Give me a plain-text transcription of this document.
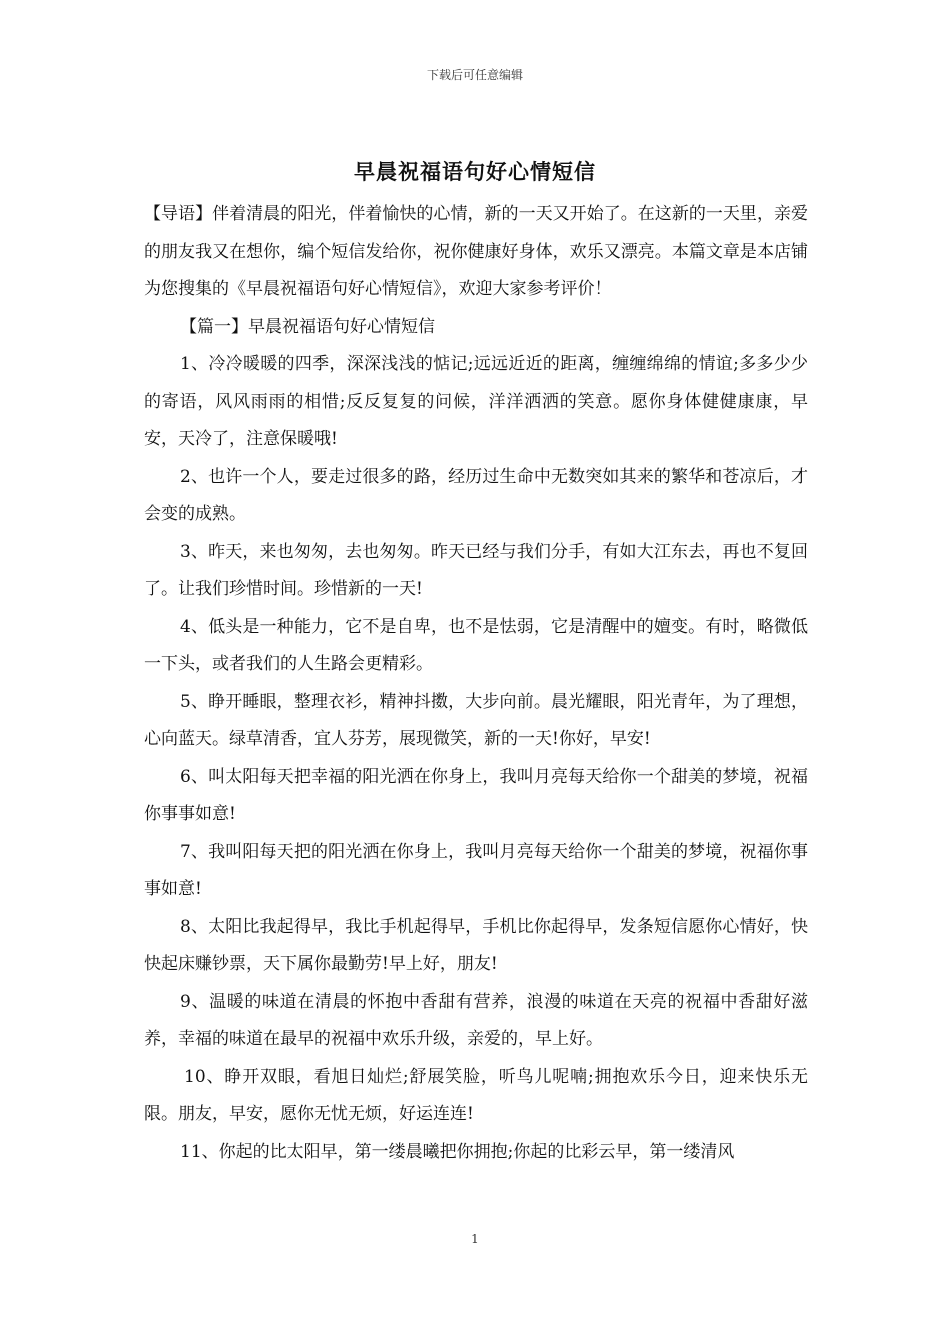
下载后可任意编辑
早晨祝福语句好心情短信

【导语】伴着清晨的阳光，伴着愉快的心情，新的一天又开始了。在这新的一天里，亲爱的朋友我又在想你，编个短信发给你，祝你健康好身体，欢乐又漂亮。本篇文章是本店铺为您搜集的《早晨祝福语句好心情短信》，欢迎大家参考评价！

【篇一】早晨祝福语句好心情短信

1、冷冷暖暖的四季，深深浅浅的惦记;远远近近的距离，缠缠绵绵的情谊;多多少少的寄语，风风雨雨的相惜;反反复复的问候，洋洋洒洒的笑意。愿你身体健健康康，早安，天冷了，注意保暖哦!

2、也许一个人，要走过很多的路，经历过生命中无数突如其来的繁华和苍凉后，才会变的成熟。

3、昨天，来也匆匆，去也匆匆。昨天已经与我们分手，有如大江东去，再也不复回了。让我们珍惜时间。珍惜新的一天!

4、低头是一种能力，它不是自卑，也不是怯弱，它是清醒中的嬗变。有时，略微低一下头，或者我们的人生路会更精彩。

5、睁开睡眼，整理衣衫，精神抖擞，大步向前。晨光耀眼，阳光青年，为了理想，心向蓝天。绿草清香，宜人芬芳，展现微笑，新的一天!你好，早安!

6、叫太阳每天把幸福的阳光洒在你身上，我叫月亮每天给你一个甜美的梦境，祝福你事事如意!

7、我叫阳每天把的阳光洒在你身上，我叫月亮每天给你一个甜美的梦境，祝福你事事如意!

8、太阳比我起得早，我比手机起得早，手机比你起得早，发条短信愿你心情好，快快起床赚钞票，天下属你最勤劳!早上好，朋友!

9、温暖的味道在清晨的怀抱中香甜有营养，浪漫的味道在天亮的祝福中香甜好滋养，幸福的味道在最早的祝福中欢乐升级，亲爱的，早上好。

10、睁开双眼，看旭日灿烂;舒展笑脸，听鸟儿呢喃;拥抱欢乐今日，迎来快乐无限。朋友，早安，愿你无忧无烦，好运连连!

11、你起的比太阳早，第一缕晨曦把你拥抱;你起的比彩云早，第一缕清风

1
